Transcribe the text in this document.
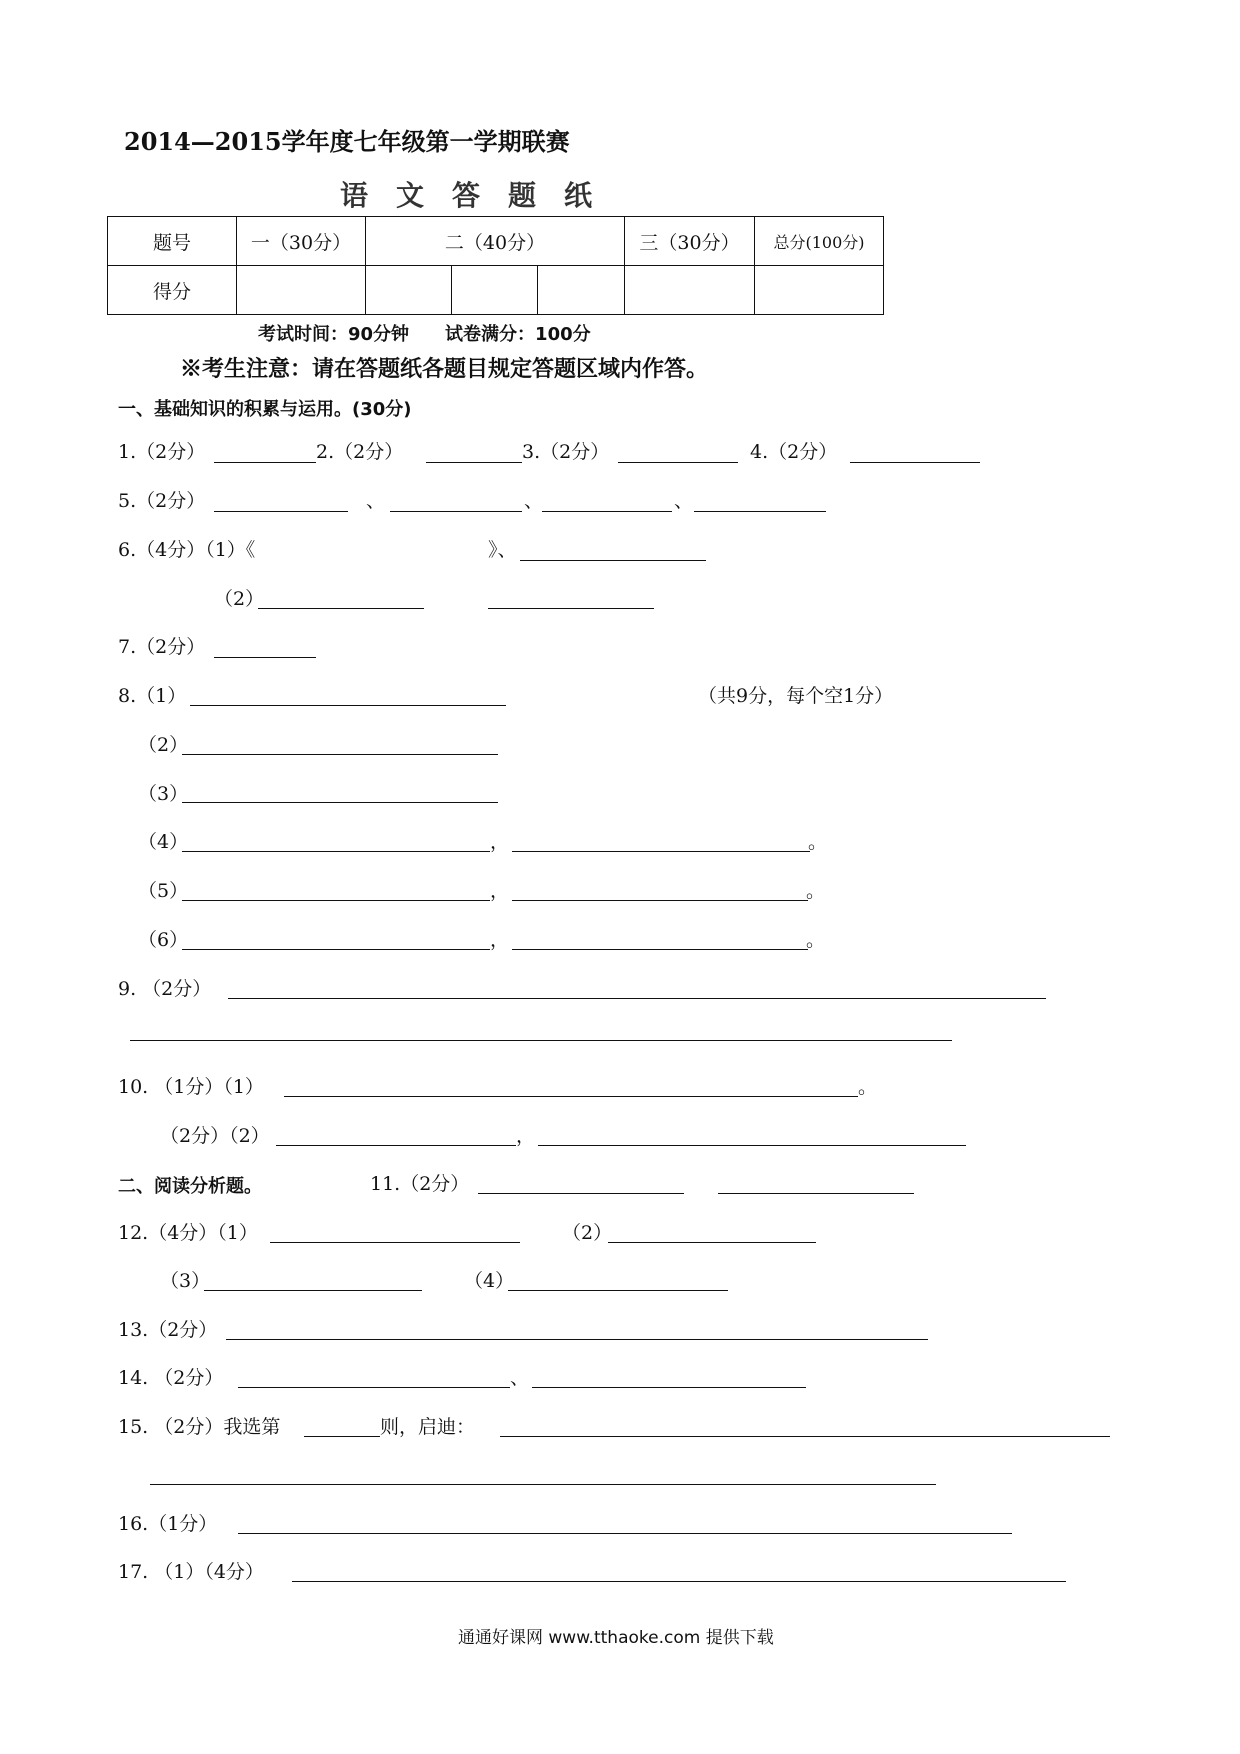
2014—2015学年度七年级第一学期联赛
语文答题纸
题号	一（30分）	二（40分）			三（30分）	总分(100分)
得分						
考试时间：90分钟　　试卷满分：100分
※考生注意：请在答题纸各题目规定答题区域内作答。
一、基础知识的积累与运用。(30分)
1.（2分）	2.（2分）	3.（2分）	4.（2分）
5.（2分）	、	、	、
6.（4分）（1）《	》、
（2）
7.（2分）
8.（1）	（共9分，每个空1分）
（2）
（3）
（4）	，	。
（5）	，	。
（6）	，	。
9. （2分）
10. （1分）（1）	。
（2分）（2）	，
二、阅读分析题。	11.（2分）
12.（4分）（1）	（2）
（3）	（4）
13.（2分）
14. （2分）	、
15. （2分）我选第	则，启迪：
16.（1分）
17. （1）（4分）
通通好课网 www.tthaoke.com 提供下载
